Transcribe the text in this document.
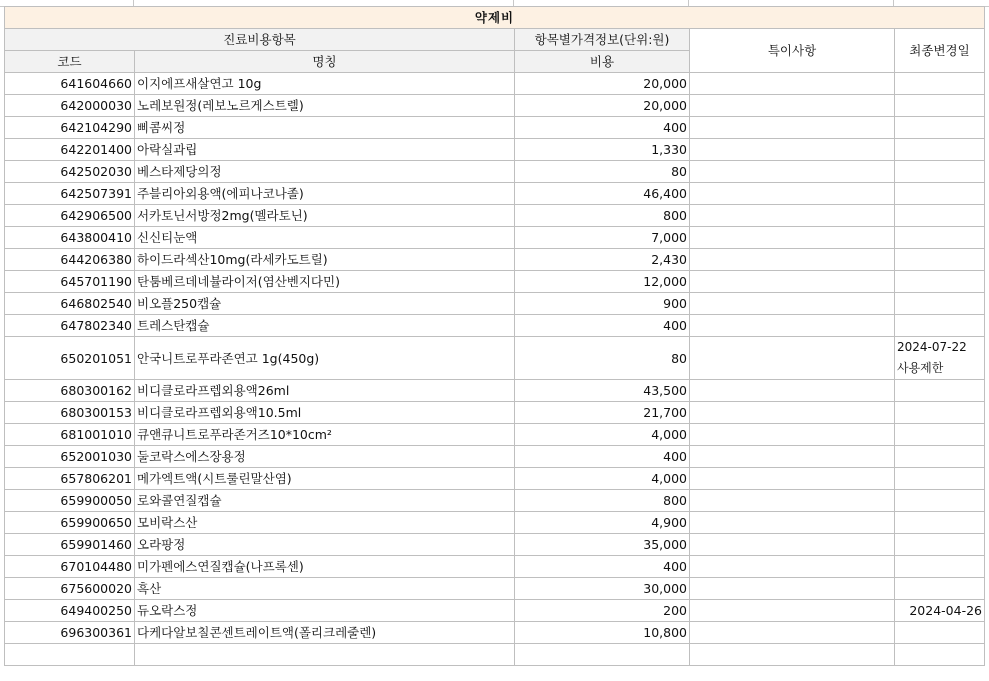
약제비				
진료비용항목		항목별가격정보(단위:원)	특이사항	최종변경일
코드	명칭	비용		
641604660	이지에프새살연고 10g	20,000		
642000030	노레보원정(레보노르게스트렐)	20,000		
642104290	삐콤씨정	400		
642201400	아락실과립	1,330		
642502030	베스타제당의정	80		
642507391	주블리아외용액(에피나코나졸)	46,400		
642906500	서카토닌서방정2mg(멜라토닌)	800		
643800410	신신티눈액	7,000		
644206380	하이드라섹산10mg(라세카도트릴)	2,430		
645701190	탄툼베르데네뷸라이저(염산벤지다민)	12,000		
646802540	비오플250캡슐	900		
647802340	트레스탄캡슐	400		
650201051	안국니트로푸라존연고 1g(450g)	80		2024-07-22
사용제한
680300162	비디클로라프렙외용액26ml	43,500		
680300153	비디클로라프렙외용액10.5ml	21,700		
681001010	큐앤큐니트로푸라존거즈10*10cm²	4,000		
652001030	둘코락스에스장용정	400		
657806201	메가엑트액(시트룰린말산염)	4,000		
659900050	로와콜연질캡슐	800		
659900650	모비락스산	4,900		
659901460	오라팡정	35,000		
670104480	미가펜에스연질캡슐(나프록센)	400		
675600020	흑산	30,000		
649400250	듀오락스정	200		2024-04-26
696300361	다케다알보칠콘센트레이트액(폴리크레줄렌)	10,800		
